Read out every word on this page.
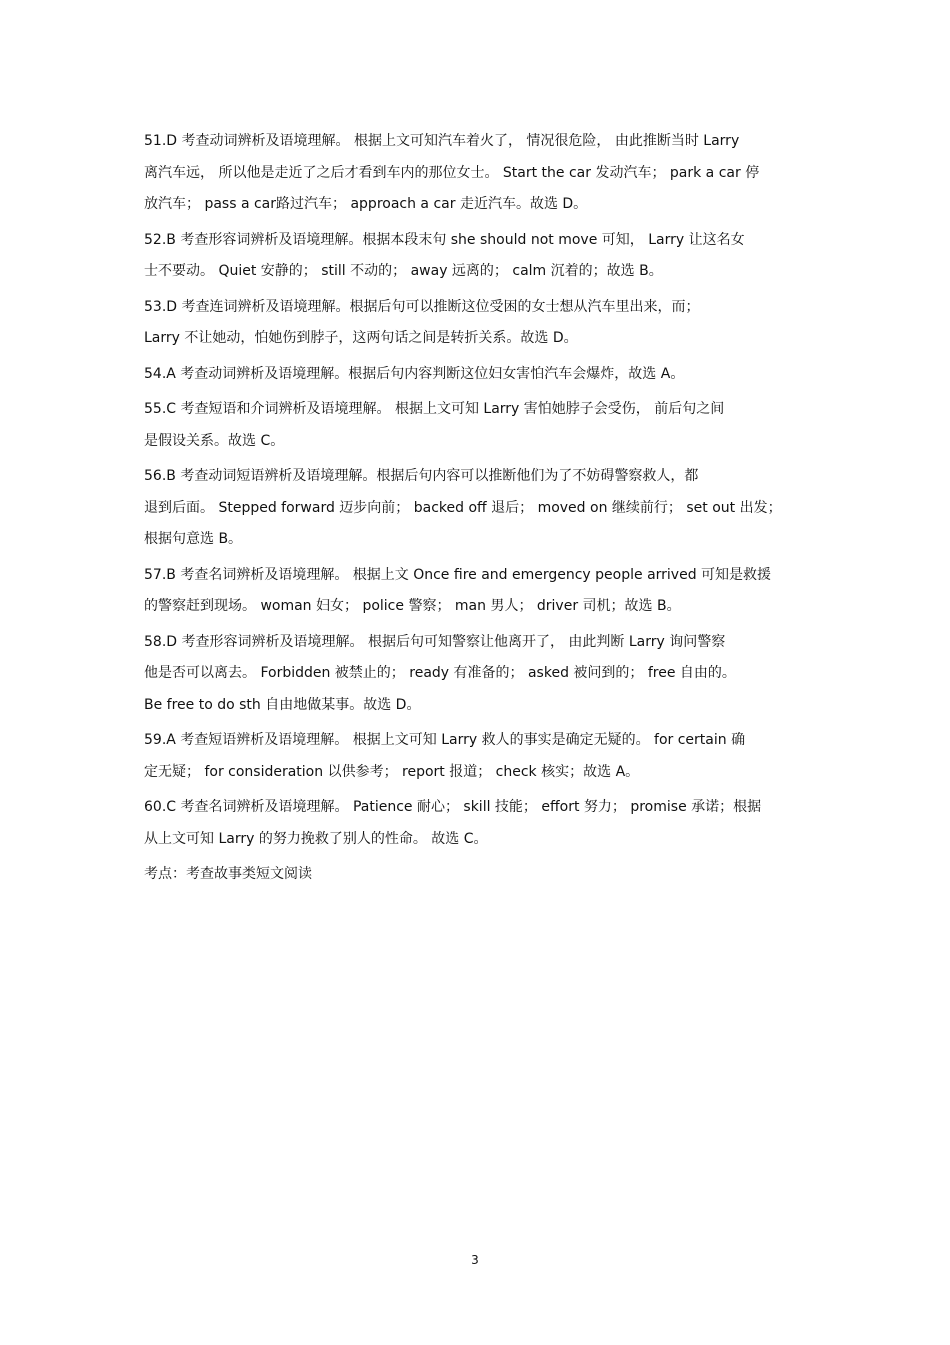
51.D 考查动词辨析及语境理解。 根据上文可知汽车着火了， 情况很危险， 由此推断当时 Larry
离汽车远， 所以他是走近了之后才看到车内的那位女士。 Start the car 发动汽车； park a car 停
放汽车； pass a car路过汽车； approach a car 走近汽车。故选 D。
52.B 考查形容词辨析及语境理解。根据本段末句 she should not move 可知， Larry 让这名女
士不要动。 Quiet 安静的； still 不动的； away 远离的； calm 沉着的；故选 B。
53.D 考查连词辨析及语境理解。根据后句可以推断这位受困的女士想从汽车里出来，而；
Larry 不让她动，怕她伤到脖子，这两句话之间是转折关系。故选 D。
54.A 考查动词辨析及语境理解。根据后句内容判断这位妇女害怕汽车会爆炸，故选 A。
55.C 考查短语和介词辨析及语境理解。 根据上文可知 Larry 害怕她脖子会受伤， 前后句之间
是假设关系。故选 C。
56.B 考查动词短语辨析及语境理解。根据后句内容可以推断他们为了不妨碍警察救人，都
退到后面。 Stepped forward 迈步向前； backed off 退后； moved on 继续前行； set out 出发；
根据句意选 B。
57.B 考查名词辨析及语境理解。 根据上文 Once fire and emergency people arrived 可知是救援
的警察赶到现场。 woman 妇女； police 警察； man 男人； driver 司机；故选 B。
58.D 考查形容词辨析及语境理解。 根据后句可知警察让他离开了， 由此判断 Larry 询问警察
他是否可以离去。 Forbidden 被禁止的； ready 有准备的； asked 被问到的； free 自由的。
Be free to do sth 自由地做某事。故选 D。
59.A 考查短语辨析及语境理解。 根据上文可知 Larry 救人的事实是确定无疑的。 for certain 确
定无疑； for consideration 以供参考； report 报道； check 核实；故选 A。
60.C 考查名词辨析及语境理解。 Patience 耐心； skill 技能； effort 努力； promise 承诺；根据
从上文可知 Larry 的努力挽救了别人的性命。 故选 C。
考点：考查故事类短文阅读
3
